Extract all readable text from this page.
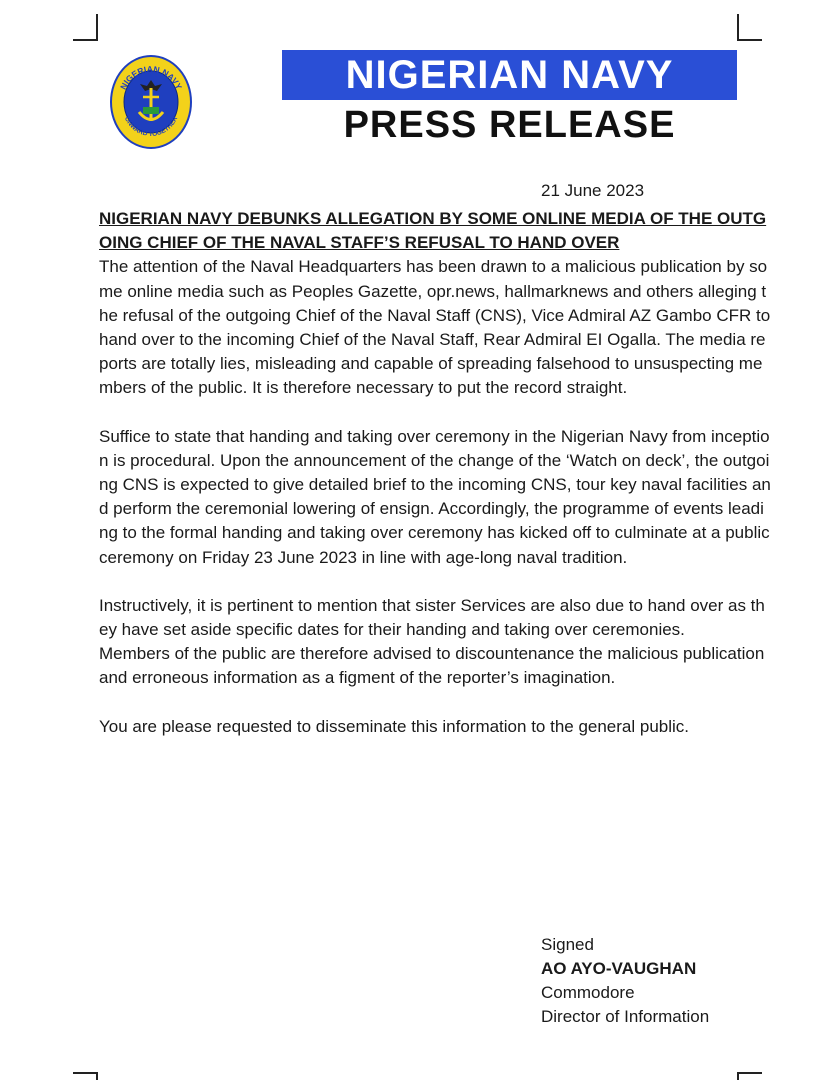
NIGERIAN NAVY
ONWARD TOGETHER
NIGERIAN NAVY
PRESS RELEASE
21 June 2023

NIGERIAN NAVY DEBUNKS ALLEGATION BY SOME ONLINE MEDIA OF THE OUTGOING CHIEF OF THE NAVAL STAFF’S REFUSAL TO HAND OVER

The attention of the Naval Headquarters has been drawn to a malicious publication by some online media such as Peoples Gazette, opr.news, hallmarknews and others alleging the refusal of the outgoing Chief of the Naval Staff (CNS), Vice Admiral AZ Gambo CFR to hand over to the incoming Chief of the Naval Staff, Rear Admiral EI Ogalla. The media reports are totally lies, misleading and capable of spreading falsehood to unsuspecting members of the public. It is therefore necessary to put the record straight.

Suffice to state that handing and taking over ceremony in the Nigerian Navy from inception is procedural. Upon the announcement of the change of the ‘Watch on deck’, the outgoing CNS is expected to give detailed brief to the incoming CNS, tour key naval facilities and perform the ceremonial lowering of ensign. Accordingly, the programme of events leading to the formal handing and taking over ceremony has kicked off to culminate at a public ceremony on Friday 23 June 2023 in line with age-long naval tradition.

Instructively, it is pertinent to mention that sister Services are also due to hand over as they have set aside specific dates for their handing and taking over ceremonies.

Members of the public are therefore advised to discountenance the malicious publication and erroneous information as a figment of the reporter’s imagination.

You are please requested to disseminate this information to the general public.

Signed
AO AYO-VAUGHAN
Commodore
Director of Information
